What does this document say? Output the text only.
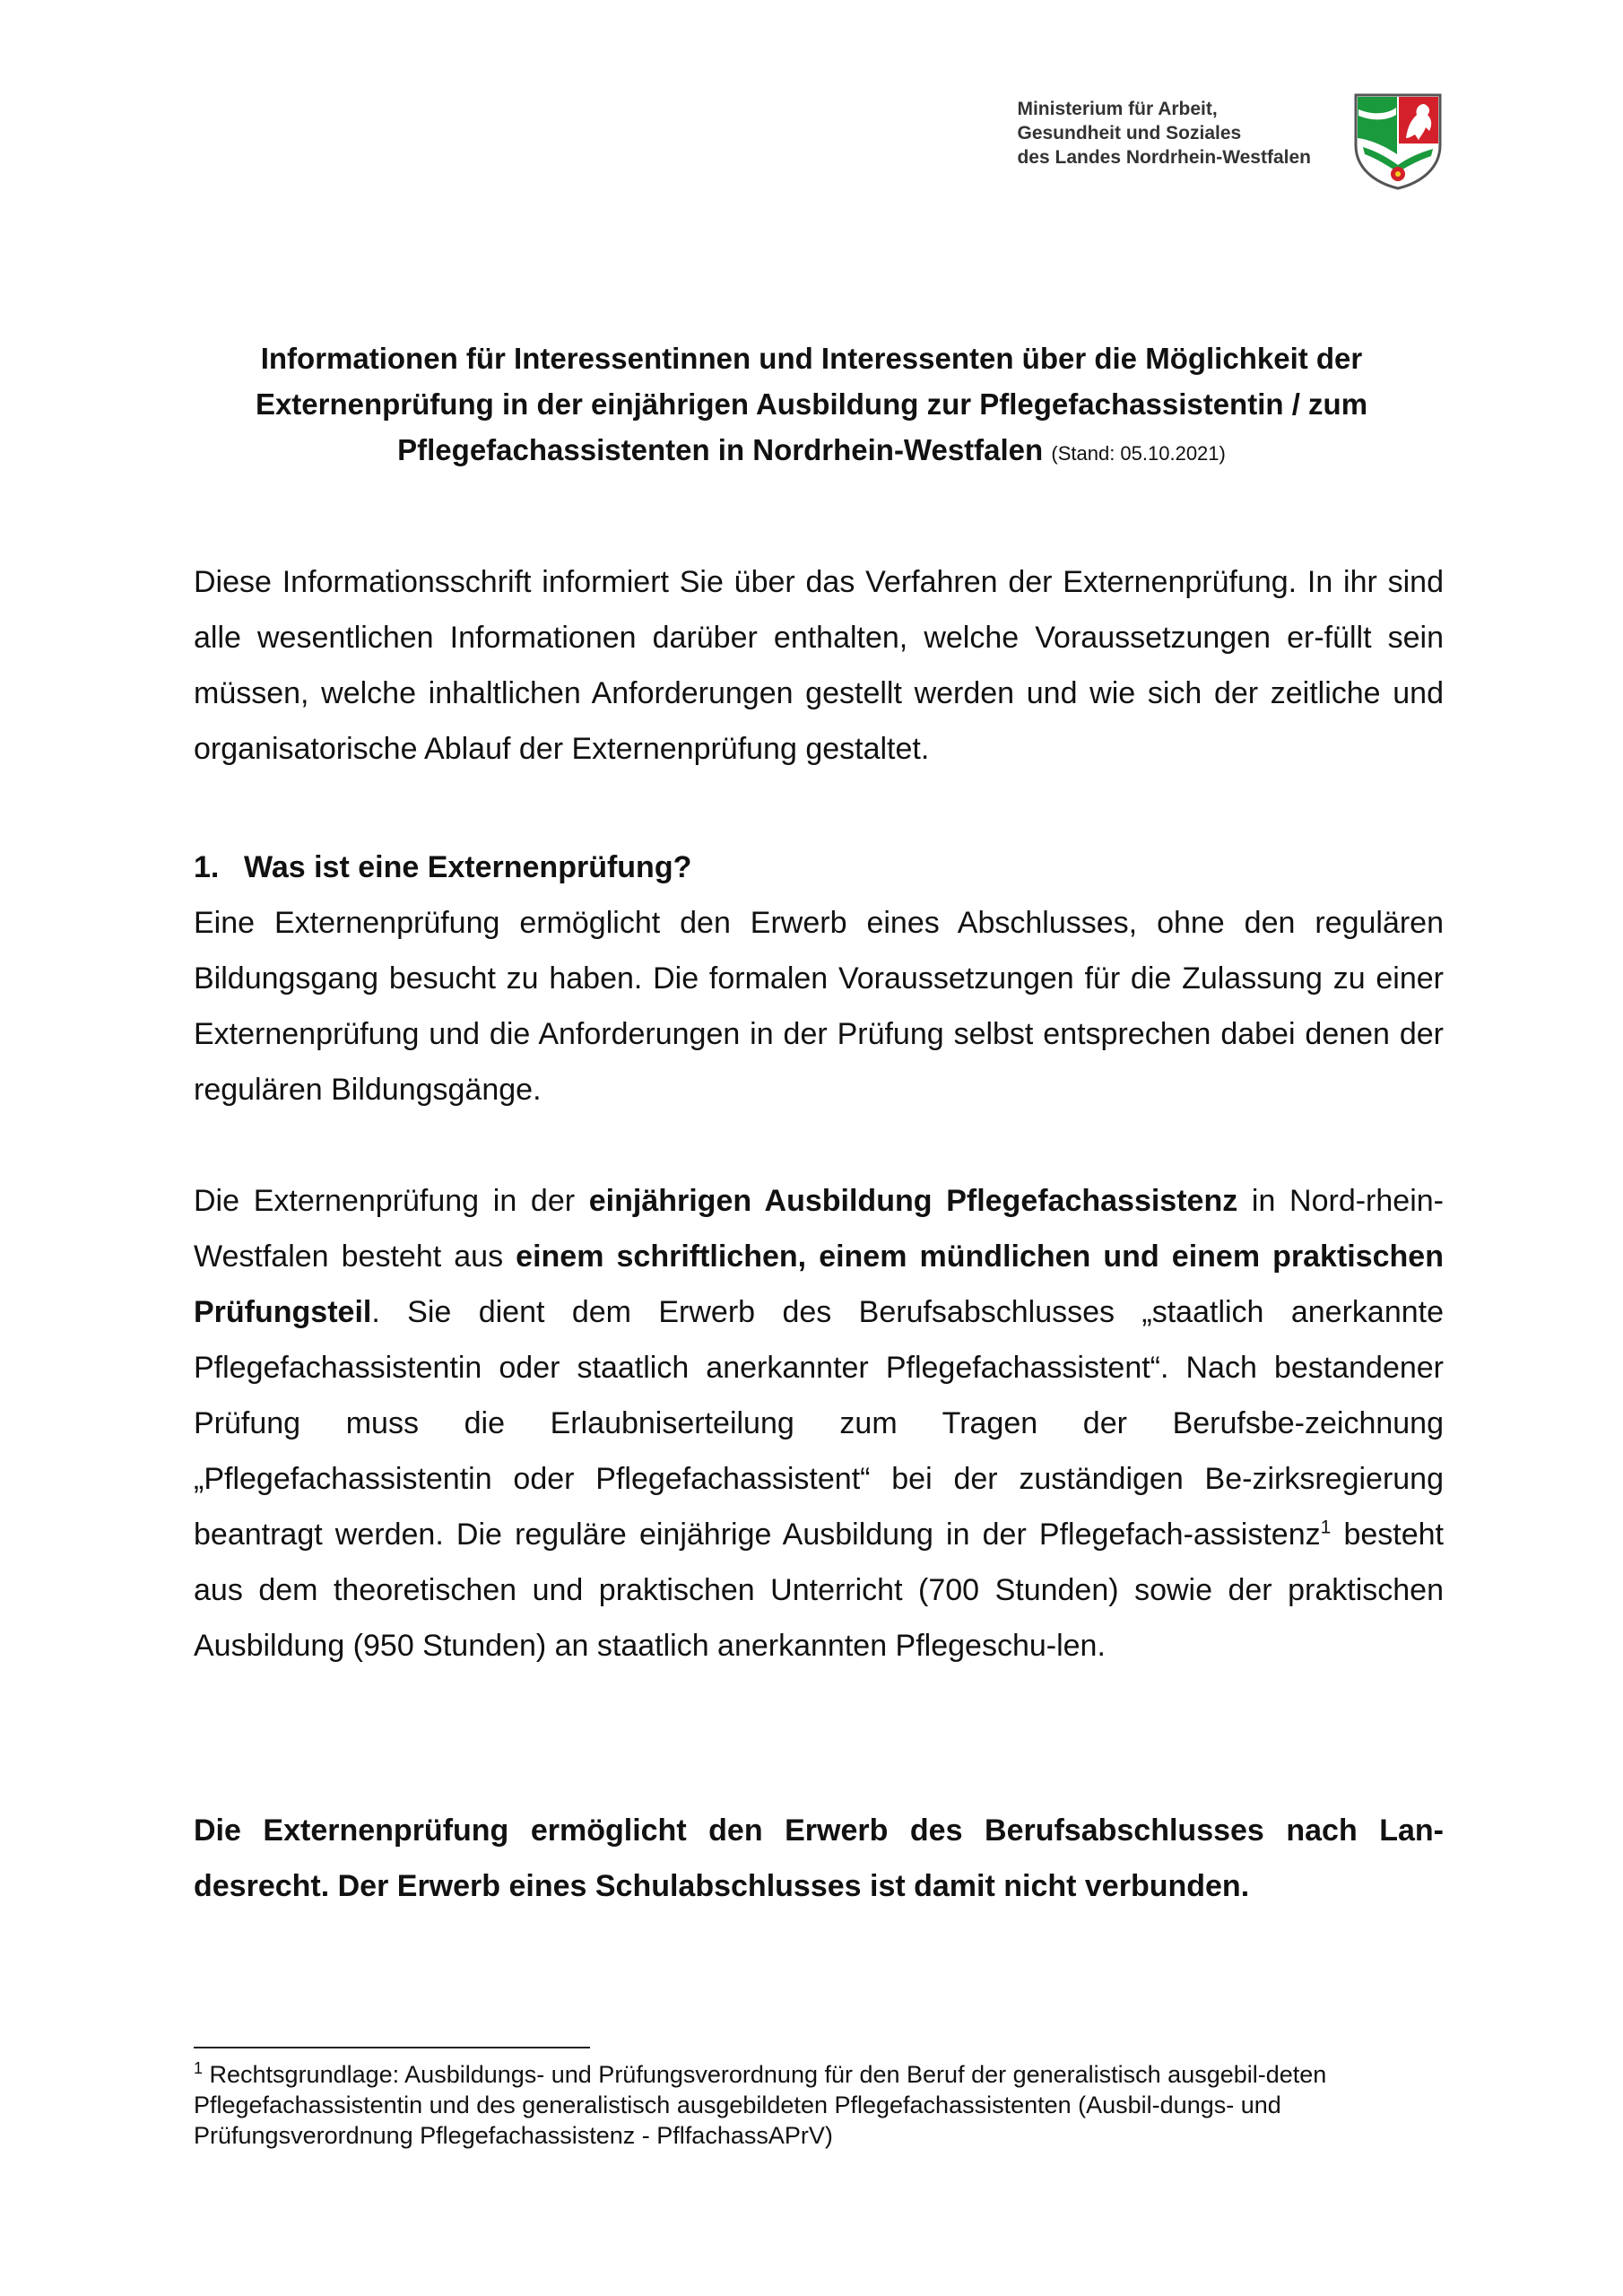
Ministerium für Arbeit,
Gesundheit und Soziales
des Landes Nordrhein-Westfalen
Informationen für Interessentinnen und Interessenten über die Möglichkeit der
Externenprüfung in der einjährigen Ausbildung zur Pflegefachassistentin / zum
Pflegefachassistenten in Nordrhein-Westfalen (Stand: 05.10.2021)

Diese Informationsschrift informiert Sie über das Verfahren der Externenprüfung. In ihr sind alle wesentlichen Informationen darüber enthalten, welche Voraussetzungen er-füllt sein müssen, welche inhaltlichen Anforderungen gestellt werden und wie sich der zeitliche und organisatorische Ablauf der Externenprüfung gestaltet.

1. Was ist eine Externenprüfung?

Eine Externenprüfung ermöglicht den Erwerb eines Abschlusses, ohne den regulären Bildungsgang besucht zu haben. Die formalen Voraussetzungen für die Zulassung zu einer Externenprüfung und die Anforderungen in der Prüfung selbst entsprechen dabei denen der regulären Bildungsgänge.

Die Externenprüfung in der einjährigen Ausbildung Pflegefachassistenz in Nord-rhein-Westfalen besteht aus einem schriftlichen, einem mündlichen und einem praktischen Prüfungsteil. Sie dient dem Erwerb des Berufsabschlusses „staatlich anerkannte Pflegefachassistentin oder staatlich anerkannter Pflegefachassistent“. Nach bestandener Prüfung muss die Erlaubniserteilung zum Tragen der Berufsbe-zeichnung „Pflegefachassistentin oder Pflegefachassistent“ bei der zuständigen Be-zirksregierung beantragt werden. Die reguläre einjährige Ausbildung in der Pflegefach-assistenz$^1$ besteht aus dem theoretischen und praktischen Unterricht (700 Stunden) sowie der praktischen Ausbildung (950 Stunden) an staatlich anerkannten Pflegeschu-len.

Die Externenprüfung ermöglicht den Erwerb des Berufsabschlusses nach Lan-desrecht. Der Erwerb eines Schulabschlusses ist damit nicht verbunden.

$^1$ Rechtsgrundlage: Ausbildungs- und Prüfungsverordnung für den Beruf der generalistisch ausgebil-deten Pflegefachassistentin und des generalistisch ausgebildeten Pflegefachassistenten (Ausbil-dungs- und Prüfungsverordnung Pflegefachassistenz - PflfachassAPrV)
